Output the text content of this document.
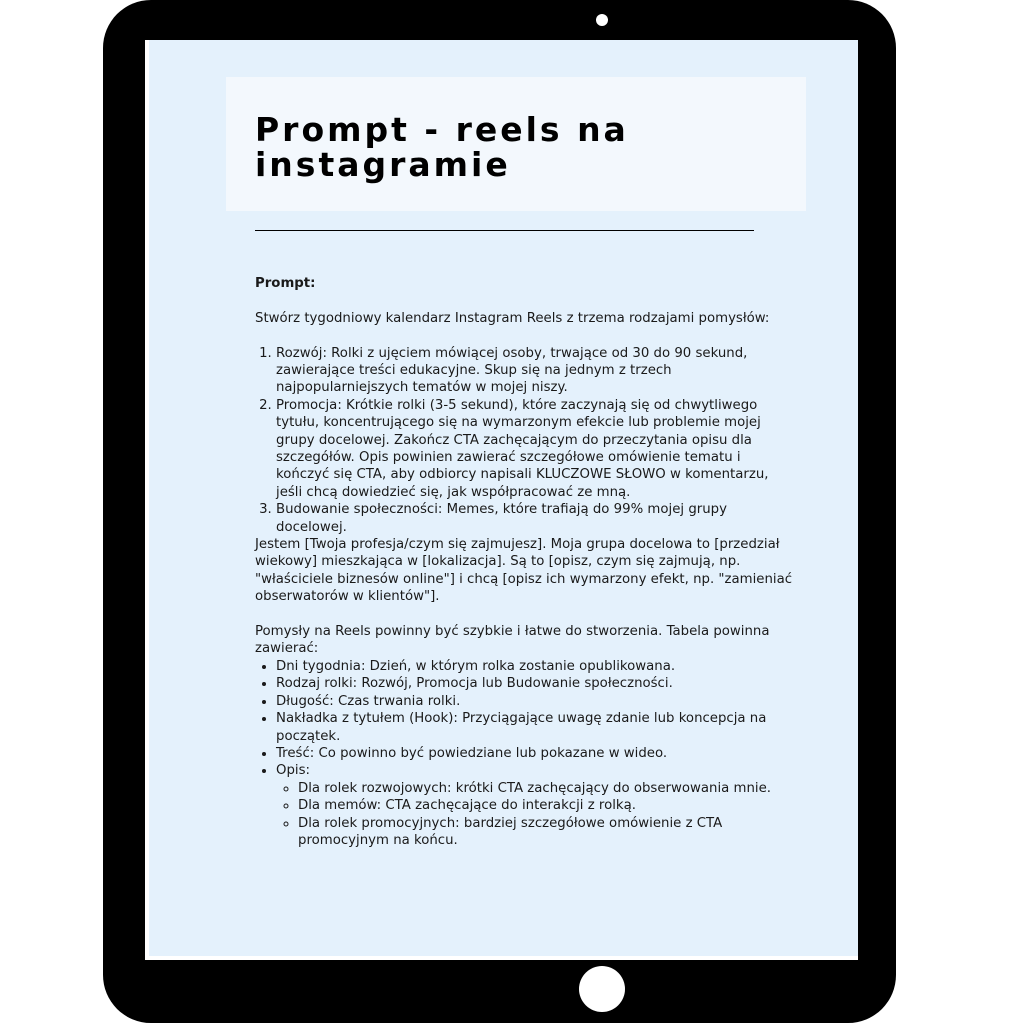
Prompt - reels na instagramie

Prompt:

Stwórz tygodniowy kalendarz Instagram Reels z trzema rodzajami pomysłów:

1. Rozwój: Rolki z ujęciem mówiącej osoby, trwające od 30 do 90 sekund, zawierające treści edukacyjne. Skup się na jednym z trzech najpopularniejszych tematów w mojej niszy.
2. Promocja: Krótkie rolki (3-5 sekund), które zaczynają się od chwytliwego tytułu, koncentrującego się na wymarzonym efekcie lub problemie mojej grupy docelowej. Zakończ CTA zachęcającym do przeczytania opisu dla szczegółów. Opis powinien zawierać szczegółowe omówienie tematu i kończyć się CTA, aby odbiorcy napisali KLUCZOWE SŁOWO w komentarzu, jeśli chcą dowiedzieć się, jak współpracować ze mną.
3. Budowanie społeczności: Memes, które trafiają do 99% mojej grupy docelowej.

Jestem [Twoja profesja/czym się zajmujesz]. Moja grupa docelowa to [przedział wiekowy] mieszkająca w [lokalizacja]. Są to [opisz, czym się zajmują, np. "właściciele biznesów online"] i chcą [opisz ich wymarzony efekt, np. "zamieniać obserwatorów w klientów"].

Pomysły na Reels powinny być szybkie i łatwe do stworzenia. Tabela powinna zawierać:

• Dni tygodnia: Dzień, w którym rolka zostanie opublikowana.
• Rodzaj rolki: Rozwój, Promocja lub Budowanie społeczności.
• Długość: Czas trwania rolki.
• Nakładka z tytułem (Hook): Przyciągające uwagę zdanie lub koncepcja na początek.
• Treść: Co powinno być powiedziane lub pokazane w wideo.
• Opis:
◦ Dla rolek rozwojowych: krótki CTA zachęcający do obserwowania mnie.
◦ Dla memów: CTA zachęcające do interakcji z rolką.
◦ Dla rolek promocyjnych: bardziej szczegółowe omówienie z CTA promocyjnym na końcu.
